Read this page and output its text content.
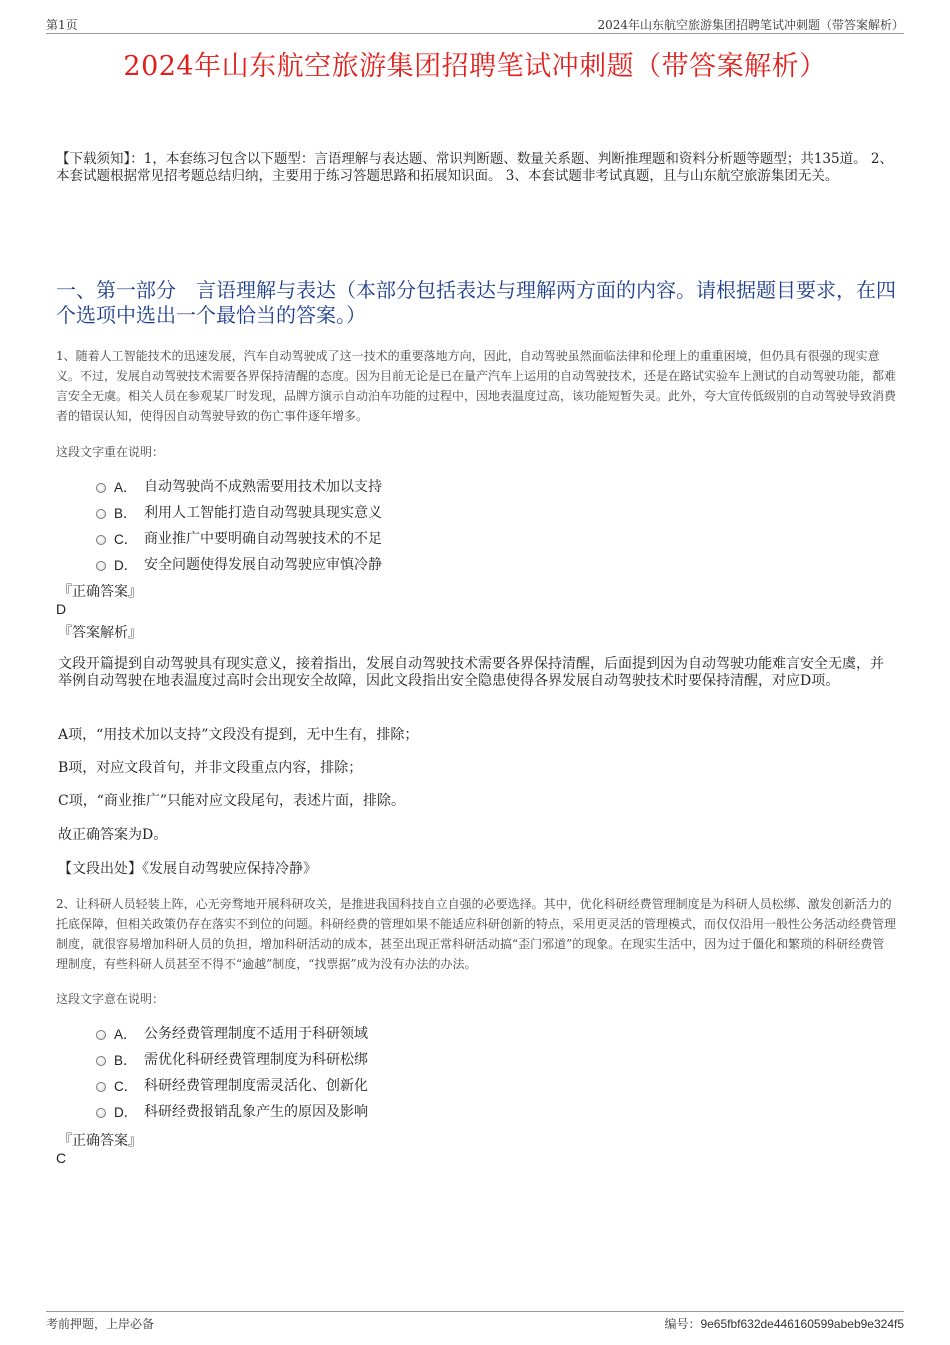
第1页	2024年山东航空旅游集团招聘笔试冲刺题（带答案解析）
2024年山东航空旅游集团招聘笔试冲刺题（带答案解析）
【下载须知】：1，本套练习包含以下题型：言语理解与表达题、常识判断题、数量关系题、判断推理题和资料分析题等题型；共135道。 2、本套试题根据常见招考题总结归纳，主要用于练习答题思路和拓展知识面。 3、本套试题非考试真题，且与山东航空旅游集团无关。
一、第一部分　言语理解与表达（本部分包括表达与理解两方面的内容。请根据题目要求，在四个选项中选出一个最恰当的答案。）
1、随着人工智能技术的迅速发展，汽车自动驾驶成了这一技术的重要落地方向，因此，自动驾驶虽然面临法律和伦理上的重重困境，但仍具有很强的现实意义。不过，发展自动驾驶技术需要各界保持清醒的态度。因为目前无论是已在量产汽车上运用的自动驾驶技术，还是在路试实验车上测试的自动驾驶功能，都难言安全无虞。相关人员在参观某厂时发现，品牌方演示自动泊车功能的过程中，因地表温度过高，该功能短暂失灵。此外，夸大宣传低级别的自动驾驶导致消费者的错误认知，使得因自动驾驶导致的伤亡事件逐年增多。
这段文字重在说明：
A． 自动驾驶尚不成熟需要用技术加以支持
B． 利用人工智能打造自动驾驶具现实意义
C． 商业推广中要明确自动驾驶技术的不足
D． 安全问题使得发展自动驾驶应审慎冷静
『正确答案』
D
『答案解析』
文段开篇提到自动驾驶具有现实意义，接着指出，发展自动驾驶技术需要各界保持清醒，后面提到因为自动驾驶功能难言安全无虞，并举例自动驾驶在地表温度过高时会出现安全故障，因此文段指出安全隐患使得各界发展自动驾驶技术时要保持清醒，对应D项。
A项，“用技术加以支持”文段没有提到，无中生有，排除；
B项，对应文段首句，并非文段重点内容，排除；
C项，“商业推广”只能对应文段尾句，表述片面，排除。
故正确答案为D。
【文段出处】《发展自动驾驶应保持冷静》
2、让科研人员轻装上阵，心无旁骛地开展科研攻关，是推进我国科技自立自强的必要选择。其中，优化科研经费管理制度是为科研人员松绑、激发创新活力的托底保障，但相关政策仍存在落实不到位的问题。科研经费的管理如果不能适应科研创新的特点，采用更灵活的管理模式，而仅仅沿用一般性公务活动经费管理制度，就很容易增加科研人员的负担，增加科研活动的成本，甚至出现正常科研活动搞“歪门邪道”的现象。在现实生活中，因为过于僵化和繁琐的科研经费管理制度，有些科研人员甚至不得不“逾越”制度，“找票据”成为没有办法的办法。
这段文字意在说明：
A． 公务经费管理制度不适用于科研领域
B． 需优化科研经费管理制度为科研松绑
C． 科研经费管理制度需灵活化、创新化
D． 科研经费报销乱象产生的原因及影响
『正确答案』
C
考前押题，上岸必备	编号：9e65fbf632de446160599abeb9e324f5
